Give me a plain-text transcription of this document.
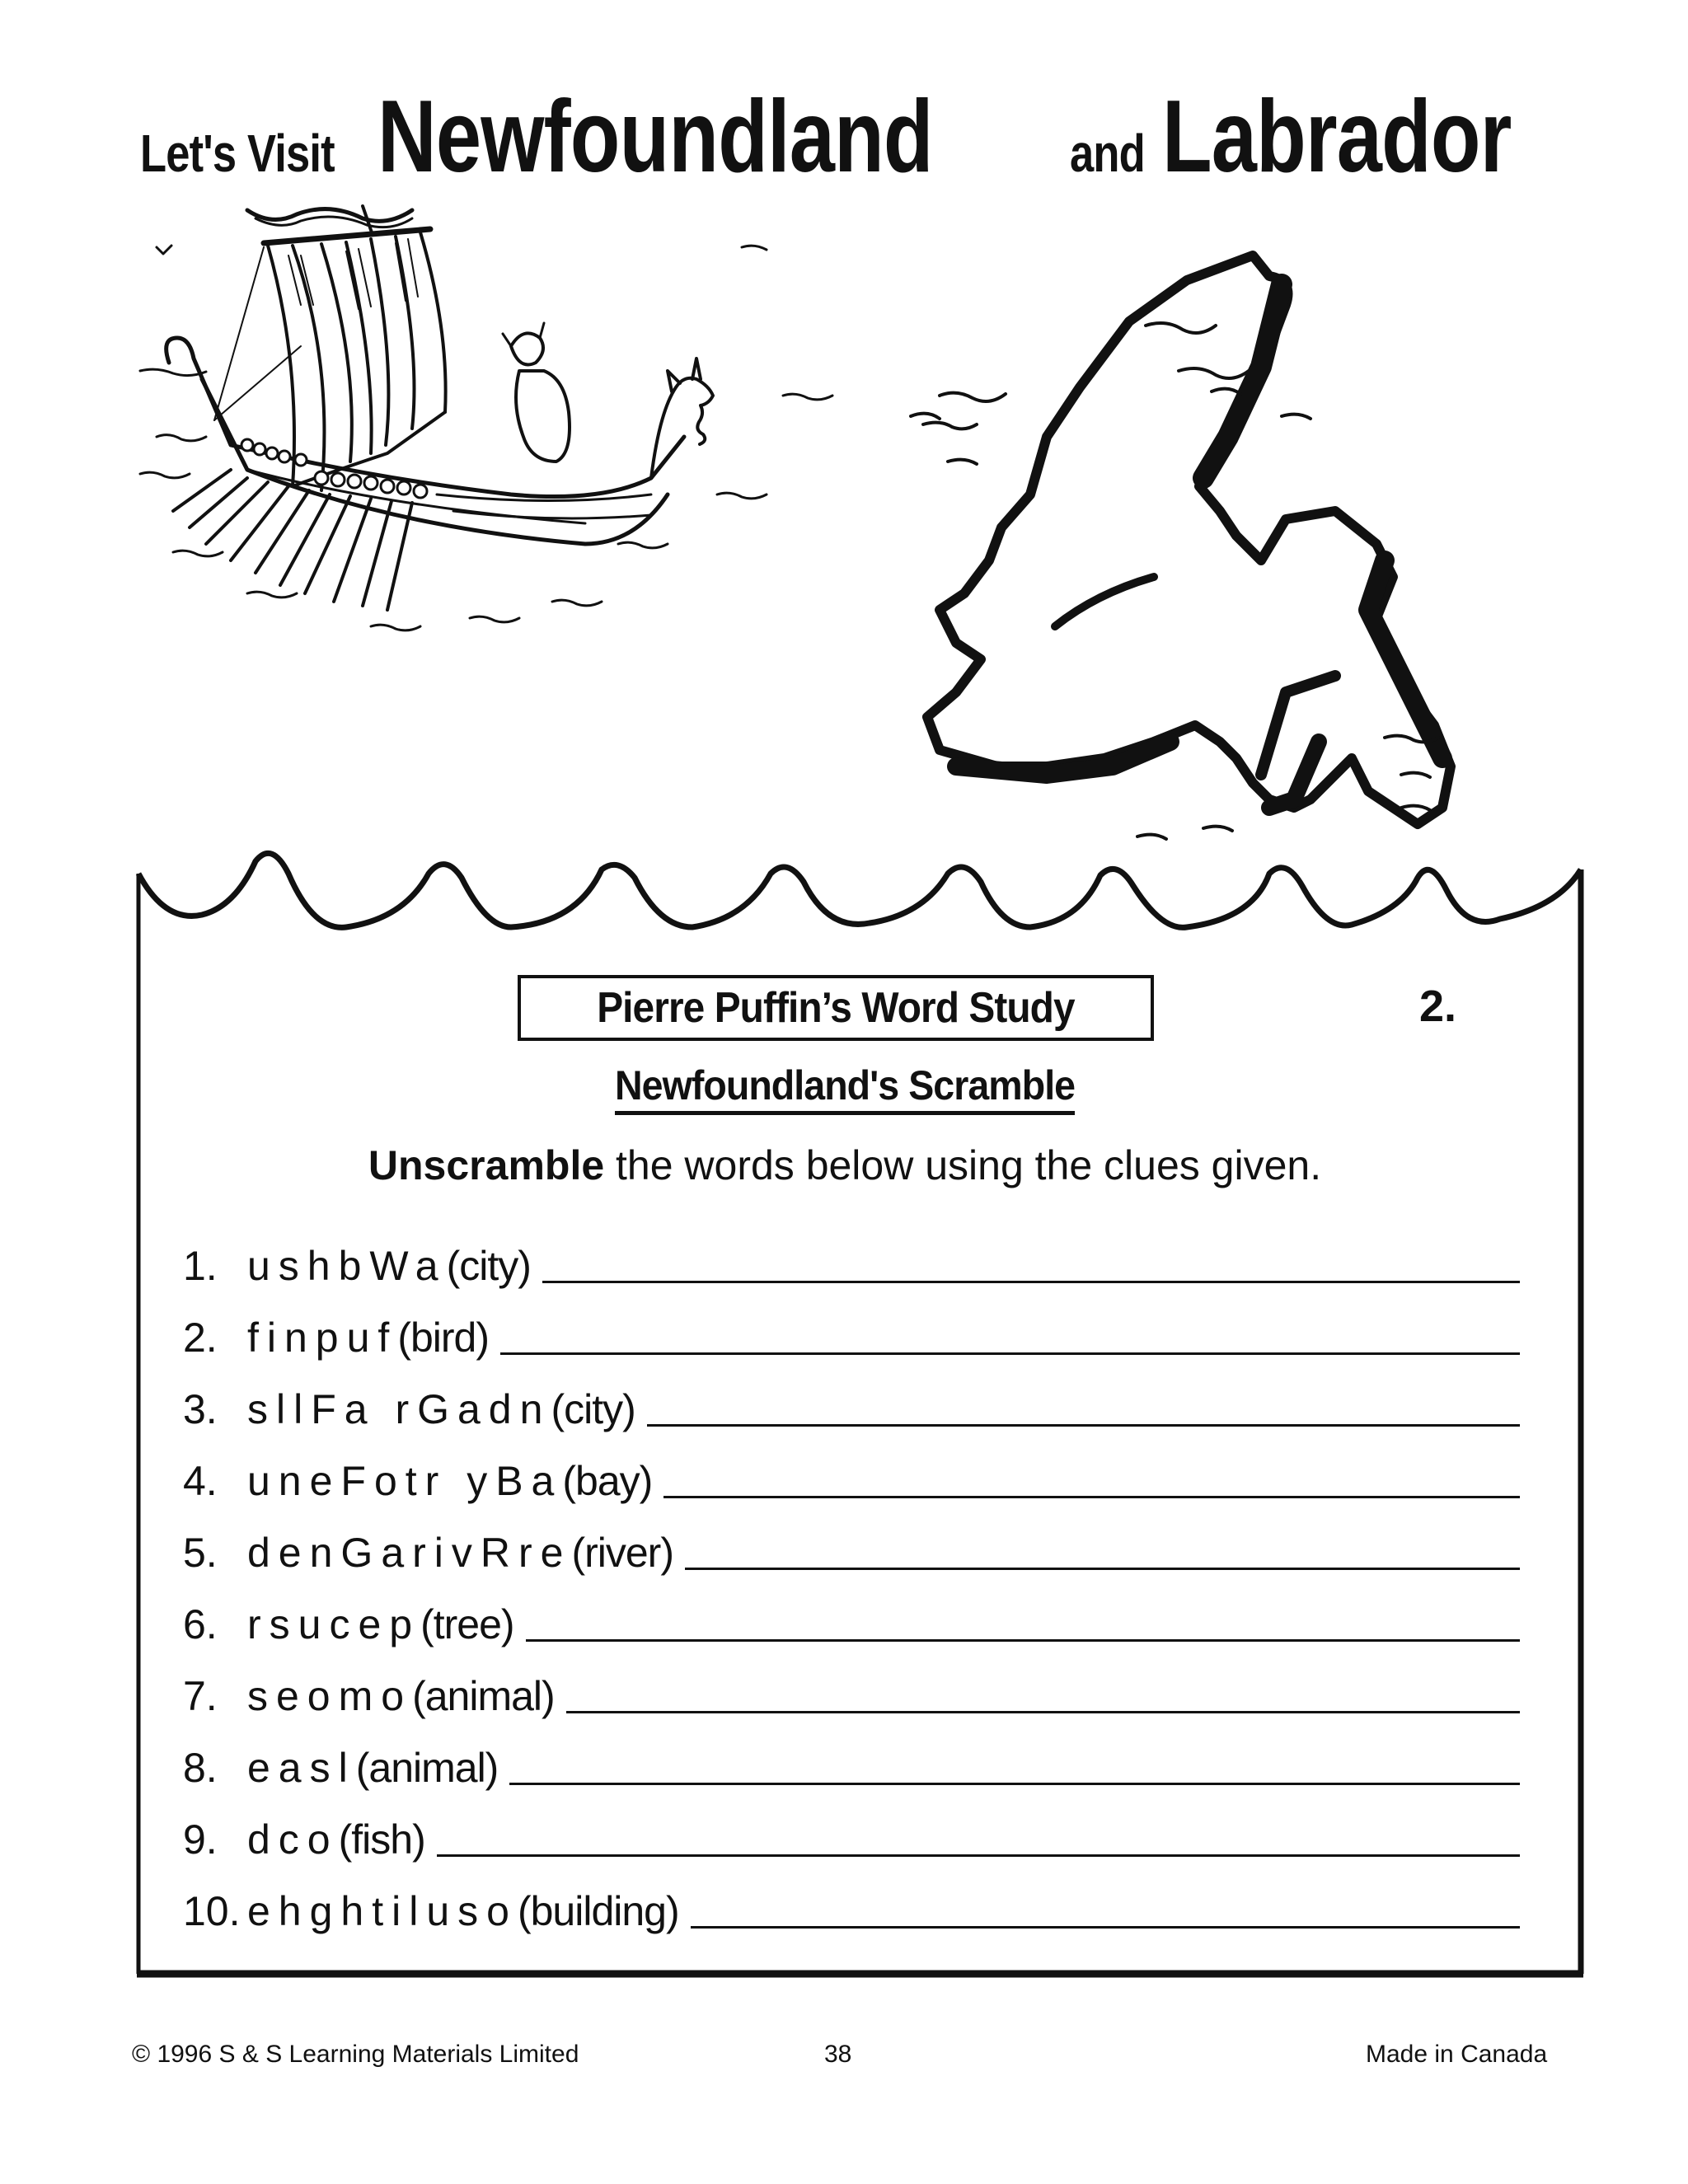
Let's Visit Newfoundland	and Labrador
Pierre Puffin’s Word Study	2.
Newfoundland's Scramble
Unscramble the words below using the clues given.
1. ushbWa (city)
2. finpuf (bird)
3. sllFa rGadn (city)
4. uneFotr yBa (bay)
5. denGarivRre (river)
6. rsucep (tree)
7. seomo (animal)
8. easl (animal)
9. dco (fish)
10. ehghtiluso (building)
© 1996 S & S Learning Materials Limited	38	Made in Canada
